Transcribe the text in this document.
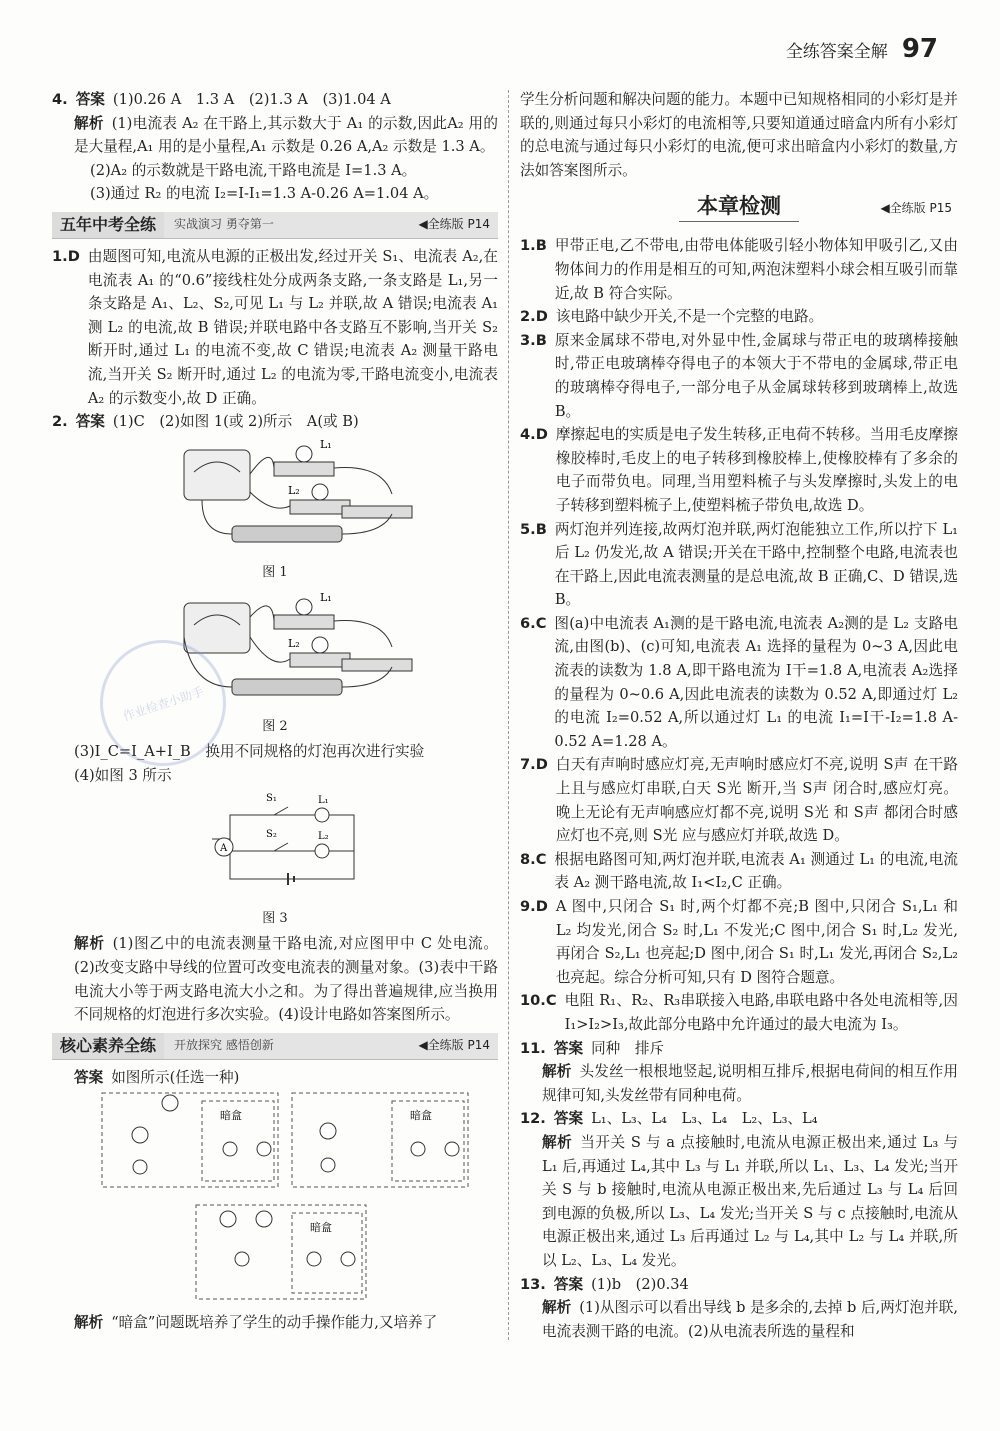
全练答案全解 97

4. 答案 (1)0.26 A　1.3 A　(2)1.3 A　(3)1.04 A

解析 (1)电流表 A₂ 在干路上,其示数大于 A₁ 的示数,因此A₂ 用的是大量程,A₁ 用的是小量程,A₁ 示数是 0.26 A,A₂ 示数是 1.3 A。

(2)A₂ 的示数就是干路电流,干路电流是 I=1.3 A。

(3)通过 R₂ 的电流 I₂=I-I₁=1.3 A-0.26 A=1.04 A。

五年中考全练	实战演习 勇夺第一	◀全练版 P14
1.D 由题图可知,电流从电源的正极出发,经过开关 S₁、电流表 A₂,在电流表 A₁ 的“0.6”接线柱处分成两条支路,一条支路是 L₁,另一条支路是 A₁、L₂、S₂,可见 L₁ 与 L₂ 并联,故 A 错误;电流表 A₁ 测 L₂ 的电流,故 B 错误;并联电路中各支路互不影响,当开关 S₂ 断开时,通过 L₁ 的电流不变,故 C 错误;电流表 A₂ 测量干路电流,当开关 S₂ 断开时,通过 L₂ 的电流为零,干路电流变小,电流表 A₂ 的示数变小,故 D 正确。

2. 答案 (1)C　(2)如图 1(或 2)所示　A(或 B)

L₁
L₂
图 1
L₁
L₂
图 2

(3)I_C=I_A+I_B　换用不同规格的灯泡再次进行实验

(4)如图 3 所示

A
S₁	L₁
S₂	L₂
图 3

解析 (1)图乙中的电流表测量干路电流,对应图甲中 C 处电流。(2)改变支路中导线的位置可改变电流表的测量对象。(3)表中干路电流大小等于两支路电流大小之和。为了得出普遍规律,应当换用不同规格的灯泡进行多次实验。(4)设计电路如答案图所示。

核心素养全练	开放探究 感悟创新	◀全练版 P14

答案 如图所示(任选一种)

暗盒	暗盒
暗盒

解析 “暗盒”问题既培养了学生的动手操作能力,又培养了

学生分析问题和解决问题的能力。本题中已知规格相同的小彩灯是并联的,则通过每只小彩灯的电流相等,只要知道通过暗盒内所有小彩灯的总电流与通过每只小彩灯的电流,便可求出暗盒内小彩灯的数量,方法如答案图所示。

本章检测	◀全练版 P15
1.B 甲带正电,乙不带电,由带电体能吸引轻小物体知甲吸引乙,又由物体间力的作用是相互的可知,两泡沫塑料小球会相互吸引而靠近,故 B 符合实际。
2.D 该电路中缺少开关,不是一个完整的电路。
3.B 原来金属球不带电,对外显中性,金属球与带正电的玻璃棒接触时,带正电玻璃棒夺得电子的本领大于不带电的金属球,带正电的玻璃棒夺得电子,一部分电子从金属球转移到玻璃棒上,故选 B。
4.D 摩擦起电的实质是电子发生转移,正电荷不转移。当用毛皮摩擦橡胶棒时,毛皮上的电子转移到橡胶棒上,使橡胶棒有了多余的电子而带负电。同理,当用塑料梳子与头发摩擦时,头发上的电子转移到塑料梳子上,使塑料梳子带负电,故选 D。
5.B 两灯泡并列连接,故两灯泡并联,两灯泡能独立工作,所以拧下 L₁ 后 L₂ 仍发光,故 A 错误;开关在干路中,控制整个电路,电流表也在干路上,因此电流表测量的是总电流,故 B 正确,C、D 错误,选 B。
6.C 图(a)中电流表 A₁测的是干路电流,电流表 A₂测的是 L₂ 支路电流,由图(b)、(c)可知,电流表 A₁ 选择的量程为 0~3 A,因此电流表的读数为 1.8 A,即干路电流为 I干=1.8 A,电流表 A₂选择的量程为 0~0.6 A,因此电流表的读数为 0.52 A,即通过灯 L₂ 的电流 I₂=0.52 A,所以通过灯 L₁ 的电流 I₁=I干-I₂=1.8 A-0.52 A=1.28 A。
7.D 白天有声响时感应灯亮,无声响时感应灯不亮,说明 S声 在干路上且与感应灯串联,白天 S光 断开,当 S声 闭合时,感应灯亮。晚上无论有无声响感应灯都不亮,说明 S光 和 S声 都闭合时感应灯也不亮,则 S光 应与感应灯并联,故选 D。
8.C 根据电路图可知,两灯泡并联,电流表 A₁ 测通过 L₁ 的电流,电流表 A₂ 测干路电流,故 I₁<I₂,C 正确。
9.D A 图中,只闭合 S₁ 时,两个灯都不亮;B 图中,只闭合 S₁,L₁ 和 L₂ 均发光,闭合 S₂ 时,L₁ 不发光;C 图中,闭合 S₁ 时,L₂ 发光,再闭合 S₂,L₁ 也亮起;D 图中,闭合 S₁ 时,L₁ 发光,再闭合 S₂,L₂ 也亮起。综合分析可知,只有 D 图符合题意。
10.C 电阻 R₁、R₂、R₃串联接入电路,串联电路中各处电流相等,因 I₁>I₂>I₃,故此部分电路中允许通过的最大电流为 I₃。

11. 答案 同种　排斥

解析 头发丝一根根地竖起,说明相互排斥,根据电荷间的相互作用规律可知,头发丝带有同种电荷。

12. 答案 L₁、L₃、L₄　L₃、L₄　L₂、L₃、L₄

解析 当开关 S 与 a 点接触时,电流从电源正极出来,通过 L₃ 与 L₁ 后,再通过 L₄,其中 L₃ 与 L₁ 并联,所以 L₁、L₃、L₄ 发光;当开关 S 与 b 接触时,电流从电源正极出来,先后通过 L₃ 与 L₄ 后回到电源的负极,所以 L₃、L₄ 发光;当开关 S 与 c 点接触时,电流从电源正极出来,通过 L₃ 后再通过 L₂ 与 L₄,其中 L₂ 与 L₄ 并联,所以 L₂、L₃、L₄ 发光。

13. 答案 (1)b　(2)0.34

解析 (1)从图示可以看出导线 b 是多余的,去掉 b 后,两灯泡并联,电流表测干路的电流。(2)从电流表所选的量程和

作业检查小助手
